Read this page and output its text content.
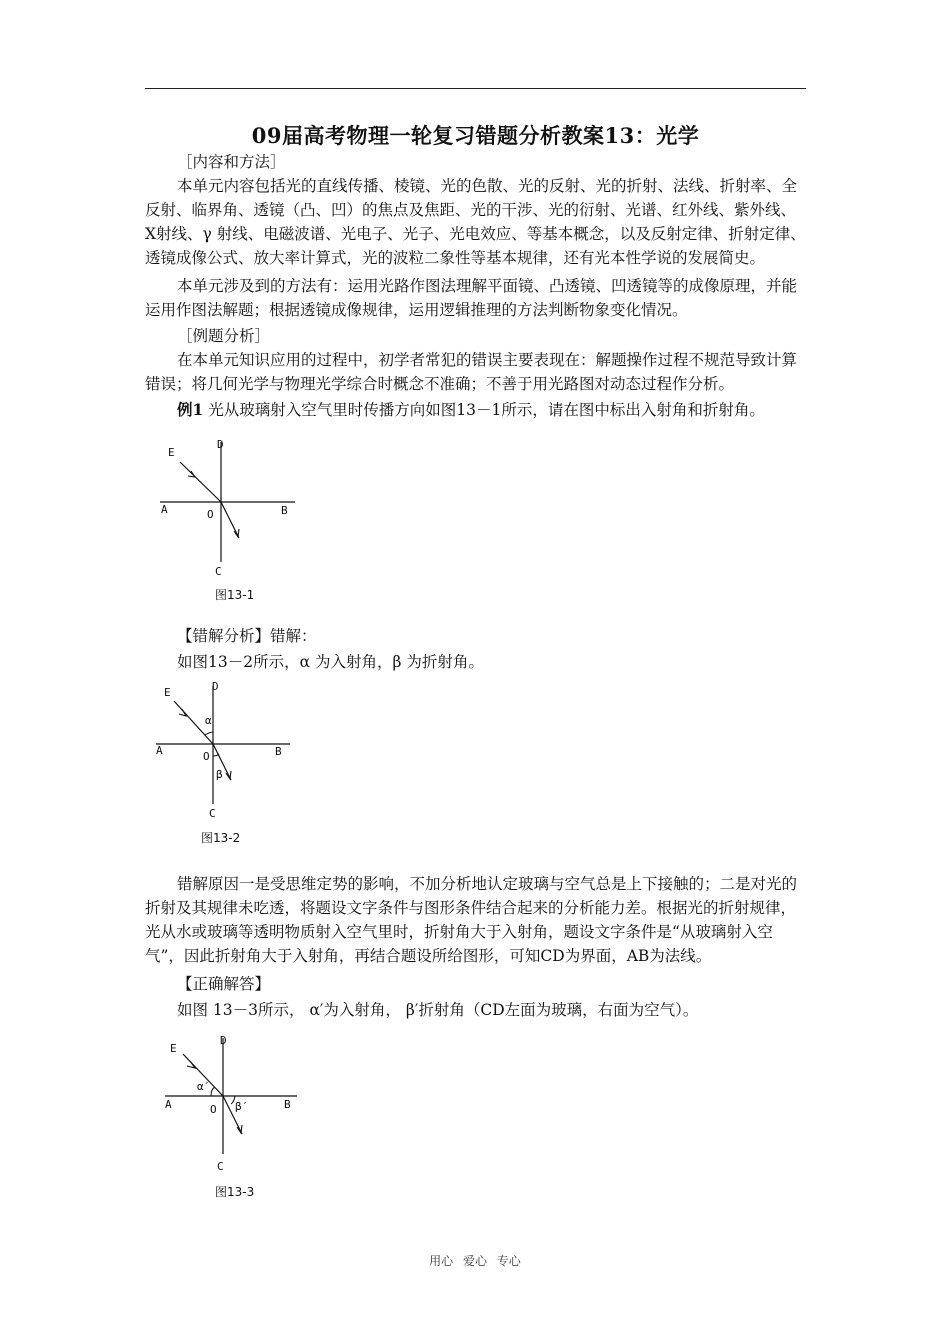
09届高考物理一轮复习错题分析教案13：光学
［内容和方法］
本单元内容包括光的直线传播、棱镜、光的色散、光的反射、光的折射、法线、折射率、全反射、临界角、透镜（凸、凹）的焦点及焦距、光的干涉、光的衍射、光谱、红外线、紫外线、X射线、γ 射线、电磁波谱、光电子、光子、光电效应、等基本概念，以及反射定律、折射定律、透镜成像公式、放大率计算式，光的波粒二象性等基本规律，还有光本性学说的发展简史。
本单元涉及到的方法有：运用光路作图法理解平面镜、凸透镜、凹透镜等的成像原理，并能运用作图法解题；根据透镜成像规律，运用逻辑推理的方法判断物象变化情况。
［例题分析］
在本单元知识应用的过程中，初学者常犯的错误主要表现在：解题操作过程不规范导致计算错误；将几何光学与物理光学综合时概念不准确；不善于用光路图对动态过程作分析。
例1 光从玻璃射入空气里时传播方向如图13－1所示，请在图中标出入射角和折射角。
E
D
A	O	B
C
图13-1
【错解分析】错解：
如图13－2所示，α 为入射角，β 为折射角。
E	D
A	O	B
α
β
C
图13-2
错解原因一是受思维定势的影响，不加分析地认定玻璃与空气总是上下接触的；二是对光的折射及其规律未吃透，将题设文字条件与图形条件结合起来的分析能力差。根据光的折射规律，光从水或玻璃等透明物质射入空气里时，折射角大于入射角，题设文字条件是“从玻璃射入空气”，因此折射角大于入射角，再结合题设所给图形，可知CD为界面，AB为法线。
【正确解答】
如图 13－3所示， α′为入射角， β′折射角（CD左面为玻璃，右面为空气）。
E
D
A	O	B
α′
β′
C
图13-3
用心 爱心 专心
